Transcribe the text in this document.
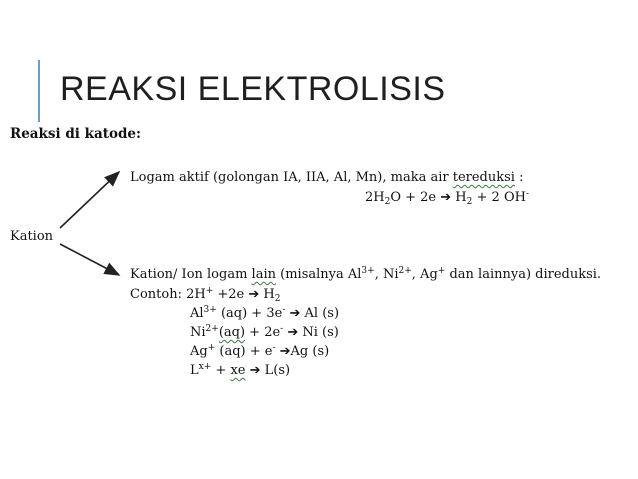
REAKSI ELEKTROLISIS
Reaksi di katode:
Kation
Logam aktif (golongan IA, IIA, Al, Mn), maka air tereduksi :
$2H_2O + 2e$ ➔ $H_2 + 2$ OH-
Kation/ Ion logam lain (misalnya $Al^{3+}$, $Ni^{2+}$, Ag+ dan lainnya) direduksi.
Contoh: 2H+ +2e ➔ $H_2$
$Al^{3+}$ (aq) + 3e- ➔ Al (s)
$Ni^{2+}(aq) + 2e^-$ ➔ Ni (s)
Ag+ (aq) + e- ➔Ag (s)
$L^{x+}$ + xe ➔ L(s)
